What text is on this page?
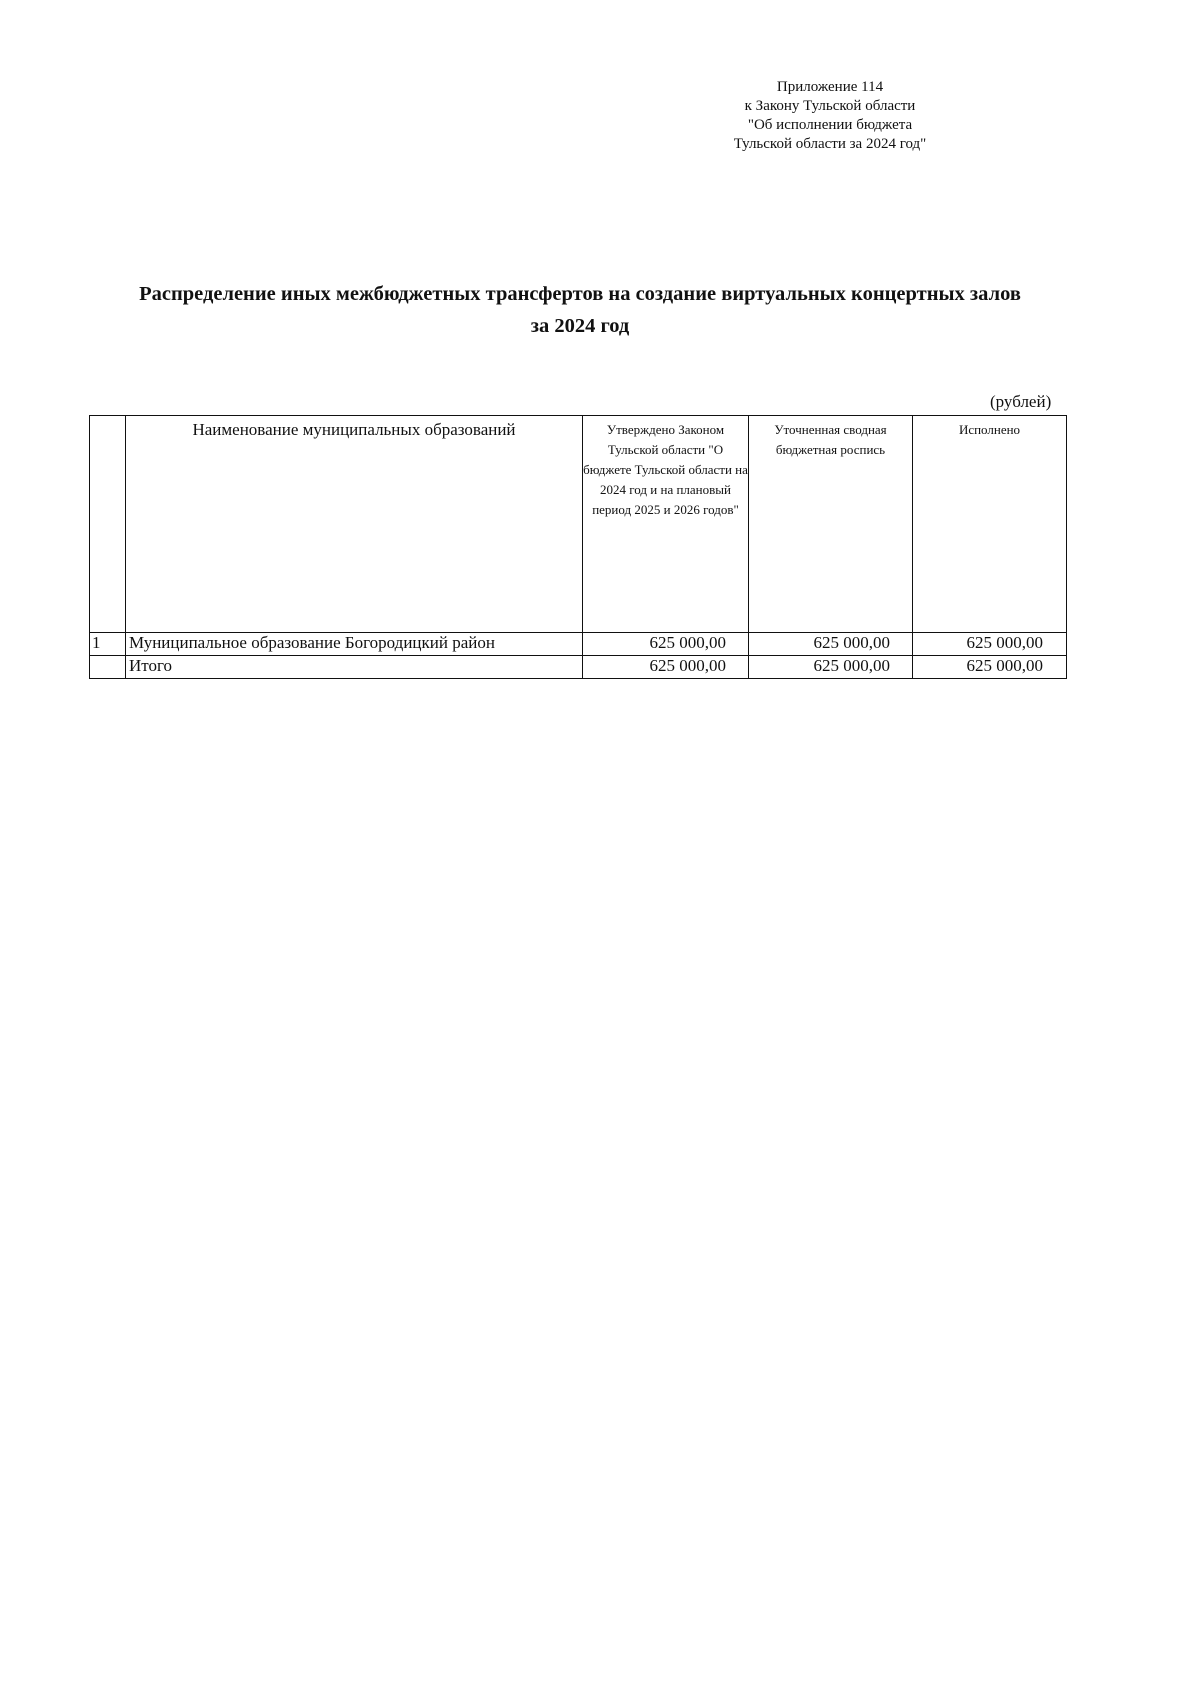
Приложение 114
к Закону Тульской области
"Об исполнении бюджета
Тульской области за 2024 год"
Распределение иных межбюджетных трансфертов на создание виртуальных концертных залов
за 2024 год
(рублей)
	Наименование муниципальных образований	Утверждено Законом Тульской области "О бюджете Тульской области на 2024 год и на плановый период 2025 и 2026 годов"	Уточненная сводная бюджетная роспись	Исполнено
1	Муниципальное образование Богородицкий район	625 000,00	625 000,00	625 000,00
	Итого	625 000,00	625 000,00	625 000,00
